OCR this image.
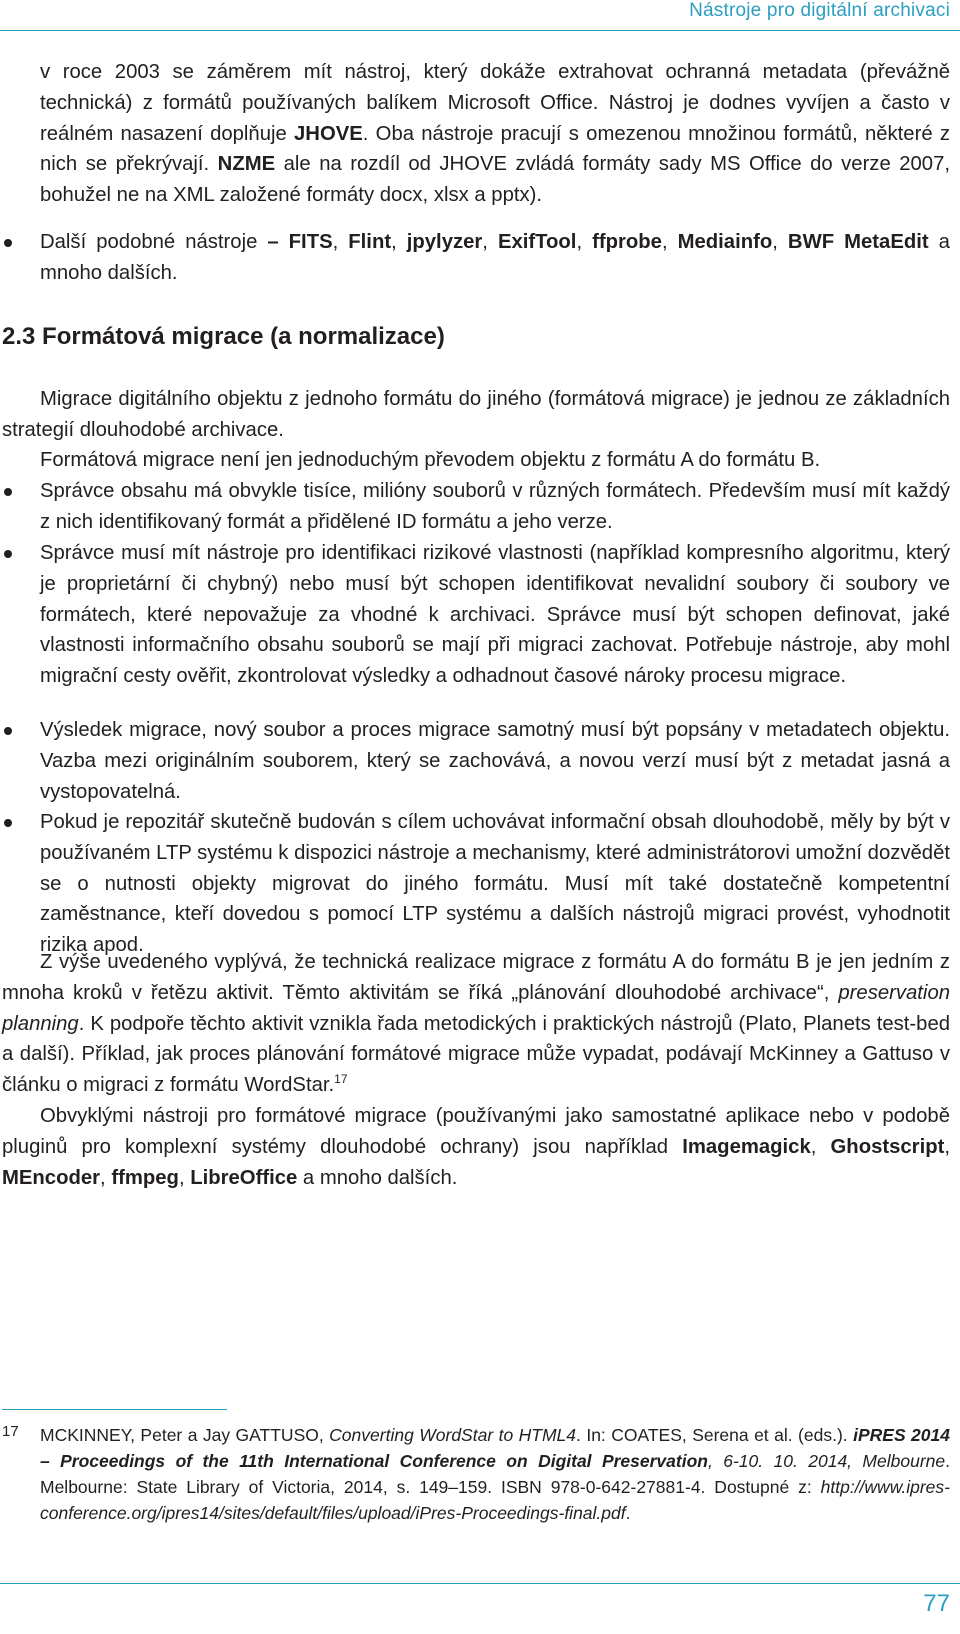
Nástroje pro digitální archivaci
v roce 2003 se záměrem mít nástroj, který dokáže extrahovat ochranná metadata (převážně technická) z formátů používaných balíkem Microsoft Office. Nástroj je dodnes vyvíjen a často v reálném nasazení doplňuje JHOVE. Oba nástroje pracují s omezenou množinou formátů, některé z nich se překrývají. NZME ale na rozdíl od JHOVE zvládá formáty sady MS Office do verze 2007, bohužel ne na XML založené formáty docx, xlsx a pptx).
Další podobné nástroje – FITS, Flint, jpylyzer, ExifTool, ffprobe, Mediainfo, BWF MetaEdit a mnoho dalších.
2.3 Formátová migrace (a normalizace)
Migrace digitálního objektu z jednoho formátu do jiného (formátová migrace) je jednou ze základních strategií dlouhodobé archivace.
Formátová migrace není jen jednoduchým převodem objektu z formátu A do formátu B.
Správce obsahu má obvykle tisíce, milióny souborů v různých formátech. Především musí mít každý z nich identifikovaný formát a přidělené ID formátu a jeho verze.
Správce musí mít nástroje pro identifikaci rizikové vlastnosti (například kompresního algoritmu, který je proprietární či chybný) nebo musí být schopen identifikovat nevalidní soubory či soubory ve formátech, které nepovažuje za vhodné k archivaci. Správce musí být schopen definovat, jaké vlastnosti informačního obsahu souborů se mají při migraci zachovat. Potřebuje nástroje, aby mohl migrační cesty ověřit, zkontrolovat výsledky a odhadnout časové nároky procesu migrace.
Výsledek migrace, nový soubor a proces migrace samotný musí být popsány v metadatech objektu. Vazba mezi originálním souborem, který se zachovává, a novou verzí musí být z metadat jasná a vystopovatelná.
Pokud je repozitář skutečně budován s cílem uchovávat informační obsah dlouhodobě, měly by být v používaném LTP systému k dispozici nástroje a mechanismy, které administrátorovi umožní dozvědět se o nutnosti objekty migrovat do jiného formátu. Musí mít také dostatečně kompetentní zaměstnance, kteří dovedou s pomocí LTP systému a dalších nástrojů migraci provést, vyhodnotit rizika apod.
Z výše uvedeného vyplývá, že technická realizace migrace z formátu A do formátu B je jen jedním z mnoha kroků v řetězu aktivit. Těmto aktivitám se říká „plánování dlouhodobé archivace“, preservation planning. K podpoře těchto aktivit vznikla řada metodických i praktických nástrojů (Plato, Planets test-bed a další). Příklad, jak proces plánování formátové migrace může vypadat, podávají McKinney a Gattuso v článku o migraci z formátu WordStar.$^{17}$
Obvyklými nástroji pro formátové migrace (používanými jako samostatné aplikace nebo v podobě pluginů pro komplexní systémy dlouhodobé ochrany) jsou například Imagemagick, Ghostscript, MEncoder, ffmpeg, LibreOffice a mnoho dalších.
17 MCKINNEY, Peter a Jay GATTUSO, Converting WordStar to HTML4. In: COATES, Serena et al. (eds.). iPRES 2014 – Proceedings of the 11th International Conference on Digital Preservation, 6-10. 10. 2014, Melbourne. Melbourne: State Library of Victoria, 2014, s. 149–159. ISBN 978-0-642-27881-4. Dostupné z: http://www.ipres-conference.org/ipres14/sites/default/files/upload/iPres-Proceedings-final.pdf.
77
